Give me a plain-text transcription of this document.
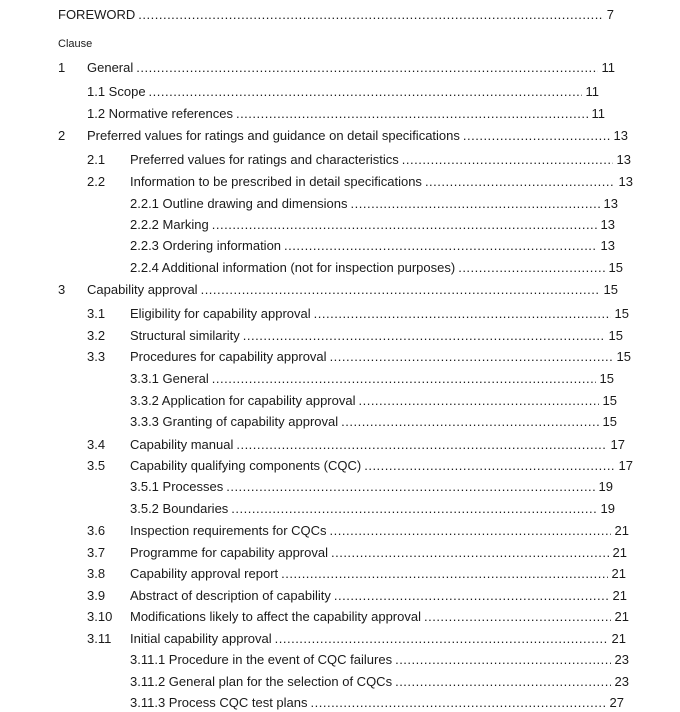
FOREWORD .....	7
Clause
1 General .....	11
1.1 Scope .....	11
1.2 Normative references .....	11
2 Preferred values for ratings and guidance on detail specifications .....	13
2.1 Preferred values for ratings and characteristics .....	13
2.2 Information to be prescribed in detail specifications .....	13
2.2.1 Outline drawing and dimensions .....	13
2.2.2 Marking .....	13
2.2.3 Ordering information .....	13
2.2.4 Additional information (not for inspection purposes) .....	15
3 Capability approval .....	15
3.1 Eligibility for capability approval .....	15
3.2 Structural similarity .....	15
3.3 Procedures for capability approval .....	15
3.3.1 General .....	15
3.3.2 Application for capability approval .....	15
3.3.3 Granting of capability approval .....	15
3.4 Capability manual .....	17
3.5 Capability qualifying components (CQC) .....	17
3.5.1 Processes .....	19
3.5.2 Boundaries .....	19
3.6 Inspection requirements for CQCs .....	21
3.7 Programme for capability approval .....	21
3.8 Capability approval report .....	21
3.9 Abstract of description of capability .....	21
3.10 Modifications likely to affect the capability approval .....	21
3.11 Initial capability approval .....	21
3.11.1 Procedure in the event of CQC failures .....	23
3.11.2 General plan for the selection of CQCs .....	23
3.11.3 Process CQC test plans .....	27
